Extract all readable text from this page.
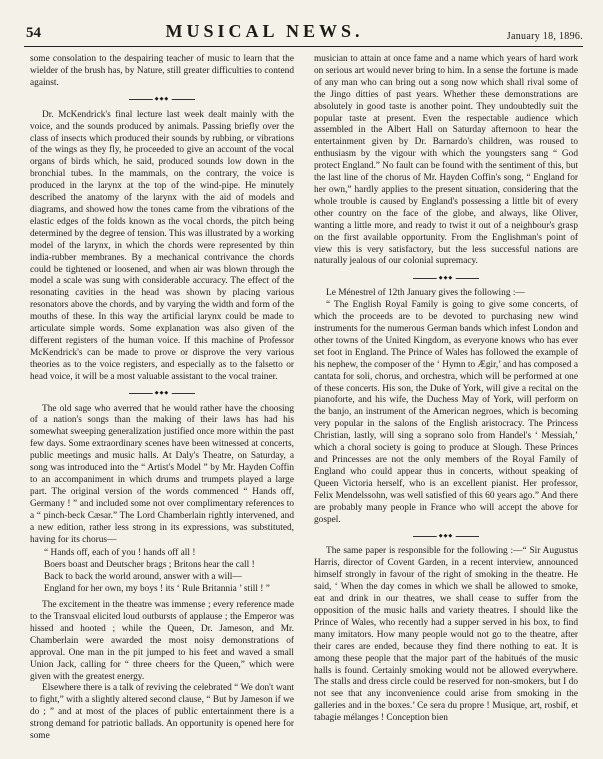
54	MUSICAL NEWS.	January 18, 1896.

some consolation to the despairing teacher of music to learn that the wielder of the brush has, by Nature, still greater difficulties to contend against.

◆◆◆

Dr. McKendrick's final lecture last week dealt mainly with the voice, and the sounds produced by animals. Passing briefly over the class of insects which produced their sounds by rubbing, or vibrations of the wings as they fly, he proceeded to give an account of the vocal organs of birds which, he said, produced sounds low down in the bronchial tubes. In the mammals, on the contrary, the voice is produced in the larynx at the top of the wind-pipe. He minutely described the anatomy of the larynx with the aid of models and diagrams, and showed how the tones came from the vibrations of the elastic edges of the folds known as the vocal chords, the pitch being determined by the degree of tension. This was illustrated by a working model of the larynx, in which the chords were represented by thin india-rubber membranes. By a mechanical contrivance the chords could be tightened or loosened, and when air was blown through the model a scale was sung with considerable accuracy. The effect of the resonating cavities in the head was shown by placing various resonators above the chords, and by varying the width and form of the mouths of these. In this way the artificial larynx could be made to articulate simple words. Some explanation was also given of the different registers of the human voice. If this machine of Professor McKendrick's can be made to prove or disprove the very various theories as to the voice registers, and especially as to the falsetto or head voice, it will be a most valuable assistant to the vocal trainer.

◆◆◆

The old sage who averred that he would rather have the choosing of a nation's songs than the making of their laws has had his somewhat sweeping generalization justified once more within the past few days. Some extraordinary scenes have been witnessed at concerts, public meetings and music halls. At Daly's Theatre, on Saturday, a song was introduced into the “ Artist's Model ” by Mr. Hayden Coffin to an accompaniment in which drums and trumpets played a large part. The original version of the words commenced “ Hands off, Germany ! ” and included some not over complimentary references to a “ pinch-beck Cæsar.” The Lord Chamberlain rightly intervened, and a new edition, rather less strong in its expressions, was substituted, having for its chorus—

“ Hands off, each of you ! hands off all !
Boers boast and Deutscher brags ; Britons hear the call !
Back to back the world around, answer with a will—
England for her own, my boys ! its ‘ Rule Britannia ’ still ! ”

The excitement in the theatre was immense ; every reference made to the Transvaal elicited loud outbursts of applause ; the Emperor was hissed and hooted ; while the Queen, Dr. Jameson, and Mr. Chamberlain were awarded the most noisy demonstrations of approval. One man in the pit jumped to his feet and waved a small Union Jack, calling for “ three cheers for the Queen,” which were given with the greatest energy.

Elsewhere there is a talk of reviving the celebrated “ We don't want to fight,” with a slightly altered second clause, “ But by Jameson if we do ; ” and at most of the places of public entertainment there is a strong demand for patriotic ballads. An opportunity is opened here for some

musician to attain at once fame and a name which years of hard work on serious art would never bring to him. In a sense the fortune is made of any man who can bring out a song now which shall rival some of the Jingo ditties of past years. Whether these demonstrations are absolutely in good taste is another point. They undoubtedly suit the popular taste at present. Even the respectable audience which assembled in the Albert Hall on Saturday afternoon to hear the entertainment given by Dr. Barnardo's children, was roused to enthusiasm by the vigour with which the youngsters sang “ God protect England.” No fault can be found with the sentiment of this, but the last line of the chorus of Mr. Hayden Coffin's song, “ England for her own,” hardly applies to the present situation, considering that the whole trouble is caused by England's possessing a little bit of every other country on the face of the globe, and always, like Oliver, wanting a little more, and ready to twist it out of a neighbour's grasp on the first available opportunity. From the Englishman's point of view this is very satisfactory, but the less successful nations are naturally jealous of our colonial supremacy.

◆◆◆

Le Ménestrel of 12th January gives the following :—

“ The English Royal Family is going to give some concerts, of which the proceeds are to be devoted to purchasing new wind instruments for the numerous German bands which infest London and other towns of the United Kingdom, as everyone knows who has ever set foot in England. The Prince of Wales has followed the example of his nephew, the composer of the ‘ Hymn to Ægir,’ and has composed a cantata for soli, chorus, and orchestra, which will be performed at one of these concerts. His son, the Duke of York, will give a recital on the pianoforte, and his wife, the Duchess May of York, will perform on the banjo, an instrument of the American negroes, which is becoming very popular in the salons of the English aristocracy. The Princess Christian, lastly, will sing a soprano solo from Handel's ‘ Messiah,’ which a choral society is going to produce at Slough. These Princes and Princesses are not the only members of the Royal Family of England who could appear thus in concerts, without speaking of Queen Victoria herself, who is an excellent pianist. Her professor, Felix Mendelssohn, was well satisfied of this 60 years ago.” And there are probably many people in France who will accept the above for gospel.

◆◆◆

The same paper is responsible for the following :—“ Sir Augustus Harris, director of Covent Garden, in a recent interview, announced himself strongly in favour of the right of smoking in the theatre. He said, ‘ When the day comes in which we shall be allowed to smoke, eat and drink in our theatres, we shall cease to suffer from the opposition of the music halls and variety theatres. I should like the Prince of Wales, who recently had a supper served in his box, to find many imitators. How many people would not go to the theatre, after their cares are ended, because they find there nothing to eat. It is among these people that the major part of the habitués of the music halls is found. Certainly smoking would not be allowed everywhere. The stalls and dress circle could be reserved for non-smokers, but I do not see that any inconvenience could arise from smoking in the galleries and in the boxes.’ Ce sera du propre ! Musique, art, rosbif, et tabagie mélanges ! Conception bien
